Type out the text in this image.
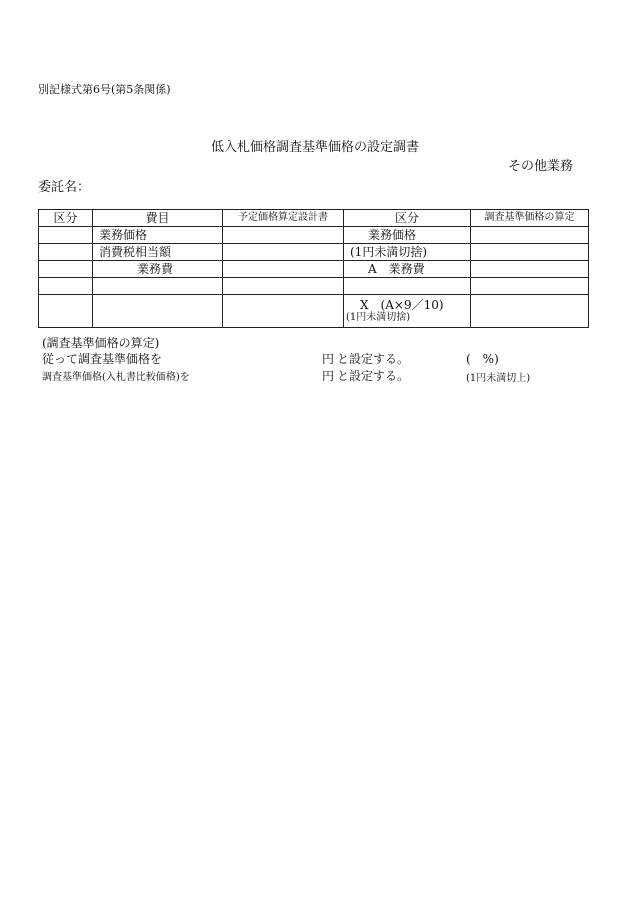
別記様式第6号(第5条関係)
低入札価格調査基準価格の設定調書
その他業務
委託名：
区分	費目	予定価格算定設計書	区分	調査基準価格の算定
	業務価格		業務価格	
	消費税相当額		(1円未満切捨)	
	業務費		A　業務費	

			X　(A×9／10)
(1円未満切捨)	

(調査基準価格の算定)
従って調査基準価格を	円 と設定する。	(　%)
調査基準価格(入札書比較価格)を	円 と設定する。	(1円未満切上)
